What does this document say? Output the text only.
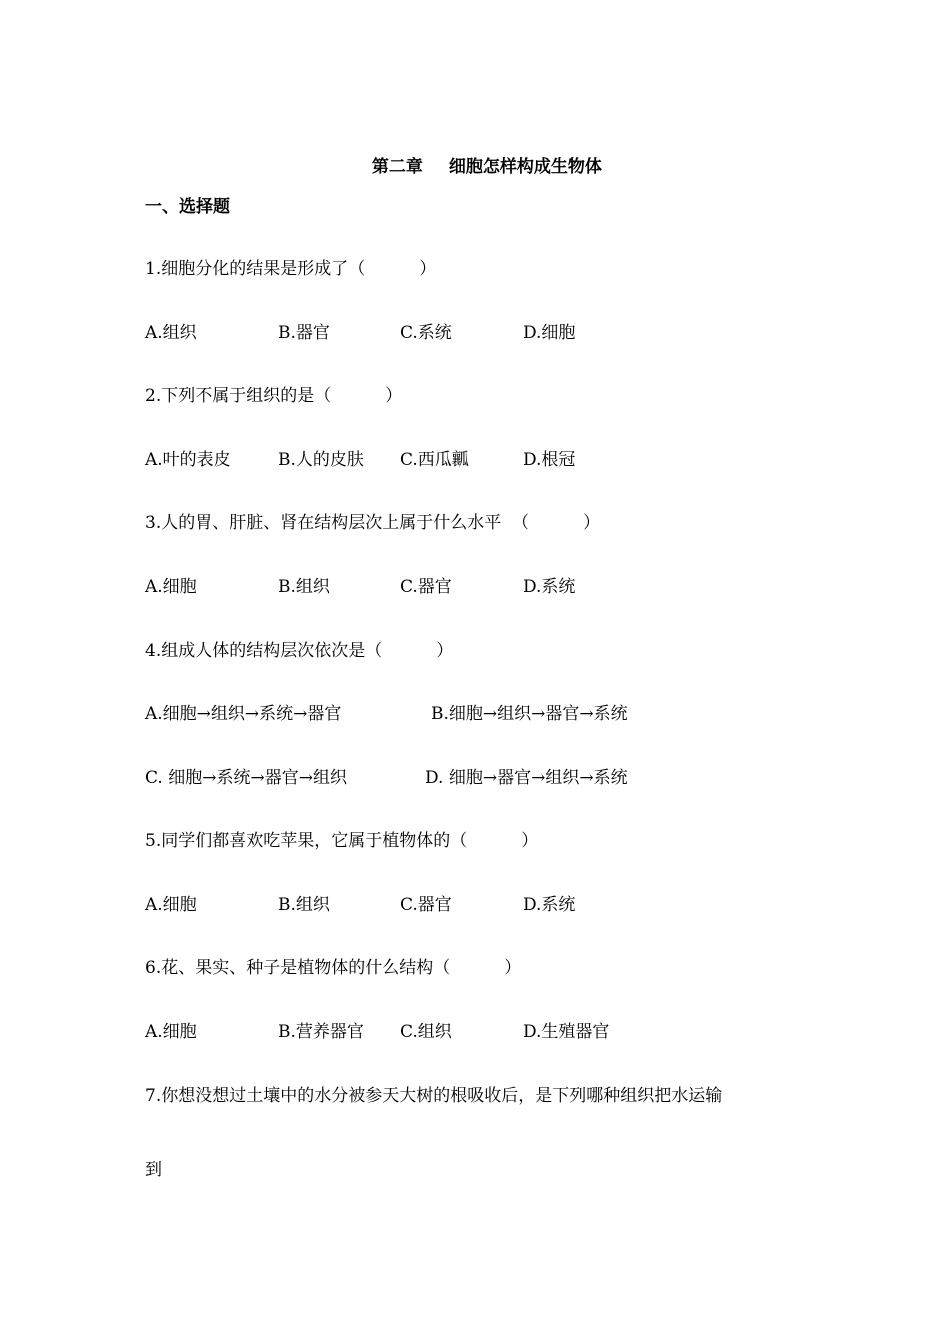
第二章 细胞怎样构成生物体

一、选择题
1.细胞分化的结果是形成了（          ）
A.组织	B.器官	C.系统	D.细胞
2.下列不属于组织的是（          ）
A.叶的表皮	B.人的皮肤 C.西瓜瓤	D.根冠
3.人的胃、肝脏、肾在结构层次上属于什么水平  （          ）
A.细胞	B.组织	C.器官	D.系统
4.组成人体的结构层次依次是（          ）
A.细胞→组织→系统→器官	B.细胞→组织→器官→系统
C. 细胞→系统→器官→组织	D. 细胞→器官→组织→系统
5.同学们都喜欢吃苹果，它属于植物体的（          ）
A.细胞	B.组织	C.器官	D.系统
6.花、果实、种子是植物体的什么结构（          ）
A.细胞	B.营养器官 C.组织	D.生殖器官
7.你想没想过土壤中的水分被参天大树的根吸收后，是下列哪种组织把水运输
到
